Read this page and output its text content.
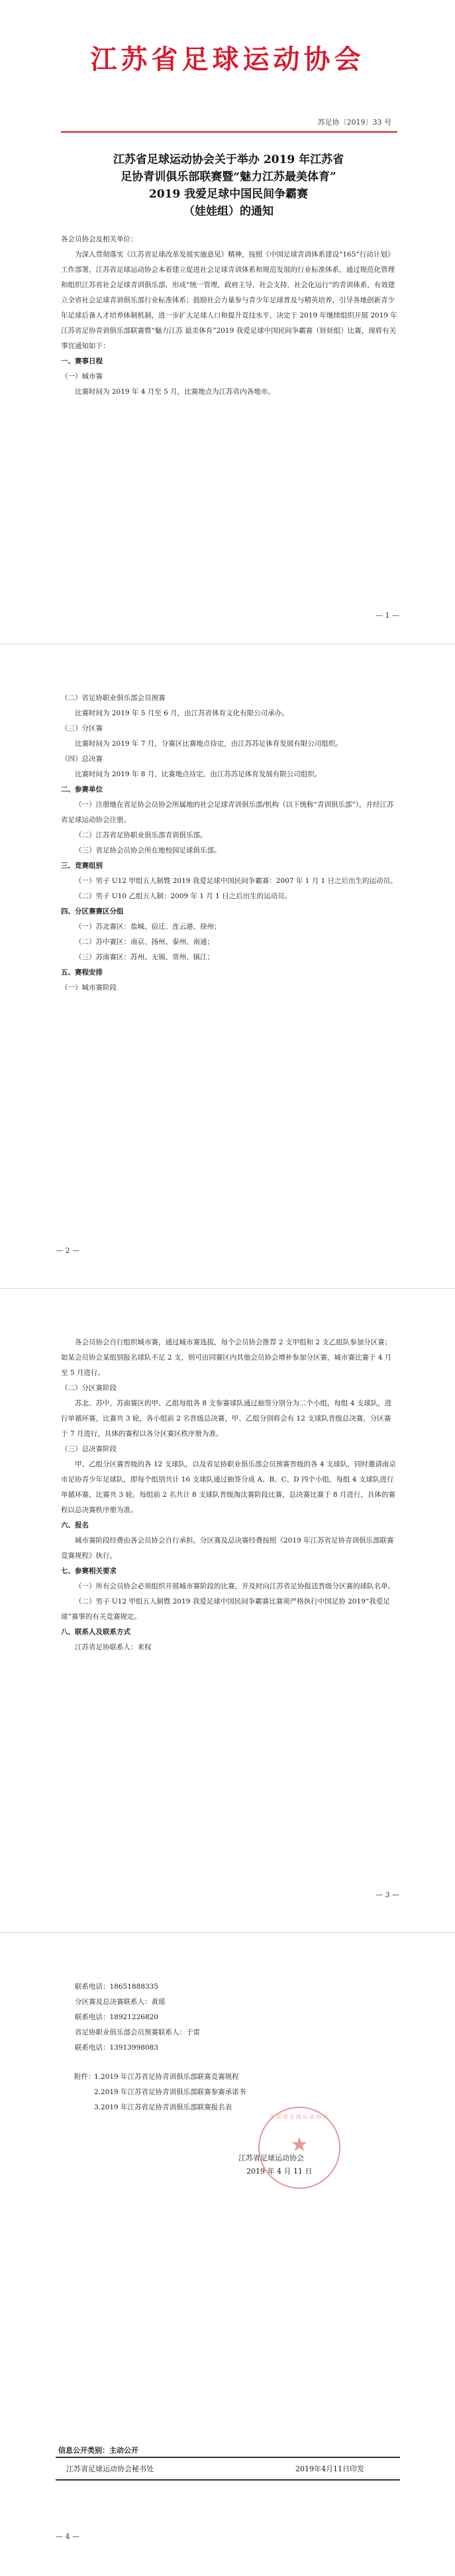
江苏省足球运动协会
苏足协〔2019〕33 号
江苏省足球运动协会关于举办 2019 年江苏省
足协青训俱乐部联赛暨“魅力江苏最美体育”
2019 我爱足球中国民间争霸赛
（娃娃组）的通知

各会员协会及相关单位：

为深入贯彻落实《江苏省足球改革发展实施意见》精神，按照《中国足球青训体系建设“165”行动计划》工作部署，江苏省足球运动协会本着建立促进社会足球青训体系和规范发展的行业标准体系，通过规范化管理和组织江苏省社会足球青训俱乐部，形成“统一管理，政府主导，社会支持，社会化运行”的青训体系，有效建立全省社会足球青训俱乐部行业标准体系；鼓励社会力量参与青少年足球普及与精英培养，引导各地创新青少年足球后备人才培养体制机制，进一步扩大足球人口和提升竞技水平，决定于 2019 年继续组织开展 2019 年江苏省足协青训俱乐部联赛暨“魅力江苏 最美体育”2019 我爱足球中国民间争霸赛（娃娃组）比赛，现将有关事宜通知如下：

一、赛事日程

（一）城市赛

比赛时间为 2019 年 4 月至 5 月，比赛地点为江苏省内各地市。

— 1 —

（二）省足协职业俱乐部会员预赛

比赛时间为 2019 年 5 月至 6 月，由江苏省体育文化有限公司承办。

（三）分区赛

比赛时间为 2019 年 7 月，分赛区比赛地点待定，由江苏苏足体育发展有限公司组织。

（四）总决赛

比赛时间为 2019 年 8 月，比赛地点待定，由江苏苏足体育发展有限公司组织。

二、参赛单位

（一）注册地在省足协会员协会所属地的社会足球青训俱乐部/机构（以下统称“青训俱乐部”），并经江苏省足球运动协会注册。

（二）江苏省足协职业俱乐部青训俱乐部。

（三）省足协会员协会所在地校园足球俱乐部。

三、竞赛组别

（一）男子 U12 甲组五人制暨 2019 我爱足球中国民间争霸赛：2007 年 1 月 1 日之后出生的运动员。

（二）男子 U10 乙组五人制：2009 年 1 月 1 日之后出生的运动员。

四、分区赛赛区分组

（一）苏北赛区：盐城、宿迁、连云港、徐州；

（二）苏中赛区：南京、扬州、泰州、南通；

（三）苏南赛区：苏州、无锡、常州、镇江；

五、赛程安排

（一）城市赛阶段

— 2 —

各会员协会自行组织城市赛，通过城市赛选拔，每个会员协会推荐 2 支甲组和 2 支乙组队参加分区赛；如某会员协会某组别报名球队不足 2 支，则可由同赛区内其他会员协会增补参加分区赛，城市赛比赛于 4 月至 5 月进行。

（二）分区赛阶段

苏北、苏中、苏南赛区的甲、乙组每组各 8 支参赛球队通过抽签分别分为二个小组，每组 4 支球队，进行单循环赛，比赛共 3 轮，各小组前 2 名晋级总决赛，甲、乙组分别将会有 12 支球队晋级总决赛，分区赛于 7 月进行，具体的赛程以各分区赛区秩序册为准。

（三）总决赛阶段

甲、乙组分区赛晋级的各 12 支球队，以及省足协职业俱乐部会员预赛晋级的各 4 支球队，同时邀请南京市足协青少年足球队，即每个组别共计 16 支球队通过抽签分成 A、B、C、D 四个小组，每组 4 支球队进行单循环赛，比赛共 3 轮。每组前 2 名共计 8 支球队晋级淘汰赛阶段比赛，总决赛比赛于 8 月进行，具体的赛程以总决赛秩序册为准。

六、报名

城市赛阶段经费由各会员协会自行承担。分区赛及总决赛经费按照《2019 年江苏省足协青训俱乐部联赛竞赛规程》执行。

七、参赛相关要求

（一）所有会员协会必须组织开展城市赛阶段的比赛，并及时向江苏省足协报送晋级分区赛的球队名单。

（二）男子 U12 甲组五人制暨 2019 我爱足球中国民间争霸赛比赛须严格执行中国足协 2019“我爱足球”赛事的有关竞赛规定。

八、联系人及联系方式

江苏省足协联系人：来权

— 3 —

联系电话：18651888335

分区赛及总决赛联系人：黄瑶

联系电话：18921226820

省足协职业俱乐部会员预赛联系人：于雷

联系电话：13913998083

附件：

1.2019 年江苏省足协青训俱乐部联赛竞赛规程

2.2019 年江苏省足协青训俱乐部联赛参赛承诺书

3.2019 年江苏省足协青训俱乐部联赛报名表

江苏省足球运动协会
★
江苏省足球运动协会
2019 年 4 月 11 日
信息公开类别：主动公开
江苏省足球运动协会秘书处	2019年4月11日印发
— 4 —
